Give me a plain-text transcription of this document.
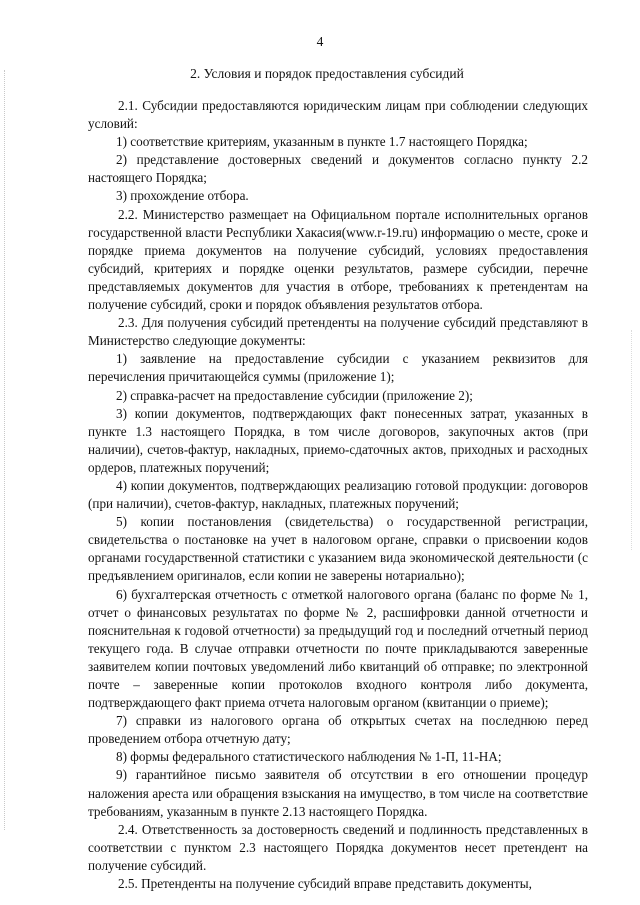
4
2. Условия и порядок предоставления субсидий

2.1. Субсидии предоставляются юридическим лицам при соблюдении следующих условий:

1) соответствие критериям, указанным в пункте 1.7 настоящего Порядка;

2) представление достоверных сведений и документов согласно пункту 2.2 настоящего Порядка;

3) прохождение отбора.

2.2. Министерство размещает на Официальном портале исполнительных органов государственной власти Республики Хакасия(www.r-19.ru) информацию о месте, сроке и порядке приема документов на получение субсидий, условиях предоставления субсидий, критериях и порядке оценки результатов, размере субсидии, перечне представляемых документов для участия в отборе, требованиях к претендентам на получение субсидий, сроки и порядок объявления результатов отбора.

2.3. Для получения субсидий претенденты на получение субсидий представляют в Министерство следующие документы:

1) заявление на предоставление субсидии с указанием реквизитов для перечисления причитающейся суммы (приложение 1);

2) справка-расчет на предоставление субсидии (приложение 2);

3) копии документов, подтверждающих факт понесенных затрат, указанных в пункте 1.3 настоящего Порядка, в том числе договоров, закупочных актов (при наличии), счетов-фактур, накладных, приемо-сдаточных актов, приходных и расходных ордеров, платежных поручений;

4) копии документов, подтверждающих реализацию готовой продукции: договоров (при наличии), счетов-фактур, накладных, платежных поручений;

5) копии постановления (свидетельства) о государственной регистрации, свидетельства о постановке на учет в налоговом органе, справки о присвоении кодов органами государственной статистики с указанием вида экономической деятельности (с предъявлением оригиналов, если копии не заверены нотариально);

6) бухгалтерская отчетность с отметкой налогового органа (баланс по форме № 1, отчет о финансовых результатах по форме № 2, расшифровки данной отчетности и пояснительная к годовой отчетности) за предыдущий год и последний отчетный период текущего года. В случае отправки отчетности по почте прикладываются заверенные заявителем копии почтовых уведомлений либо квитанций об отправке; по электронной почте – заверенные копии протоколов входного контроля либо документа, подтверждающего факт приема отчета налоговым органом (квитанции о приеме);

7) справки из налогового органа об открытых счетах на последнюю перед проведением отбора отчетную дату;

8) формы федерального статистического наблюдения № 1-П, 11-НА;

9) гарантийное письмо заявителя об отсутствии в его отношении процедур наложения ареста или обращения взыскания на имущество, в том числе на соответствие требованиям, указанным в пункте 2.13 настоящего Порядка.

2.4. Ответственность за достоверность сведений и подлинность представленных в соответствии с пунктом 2.3 настоящего Порядка документов несет претендент на получение субсидий.

2.5. Претенденты на получение субсидий вправе представить документы,
